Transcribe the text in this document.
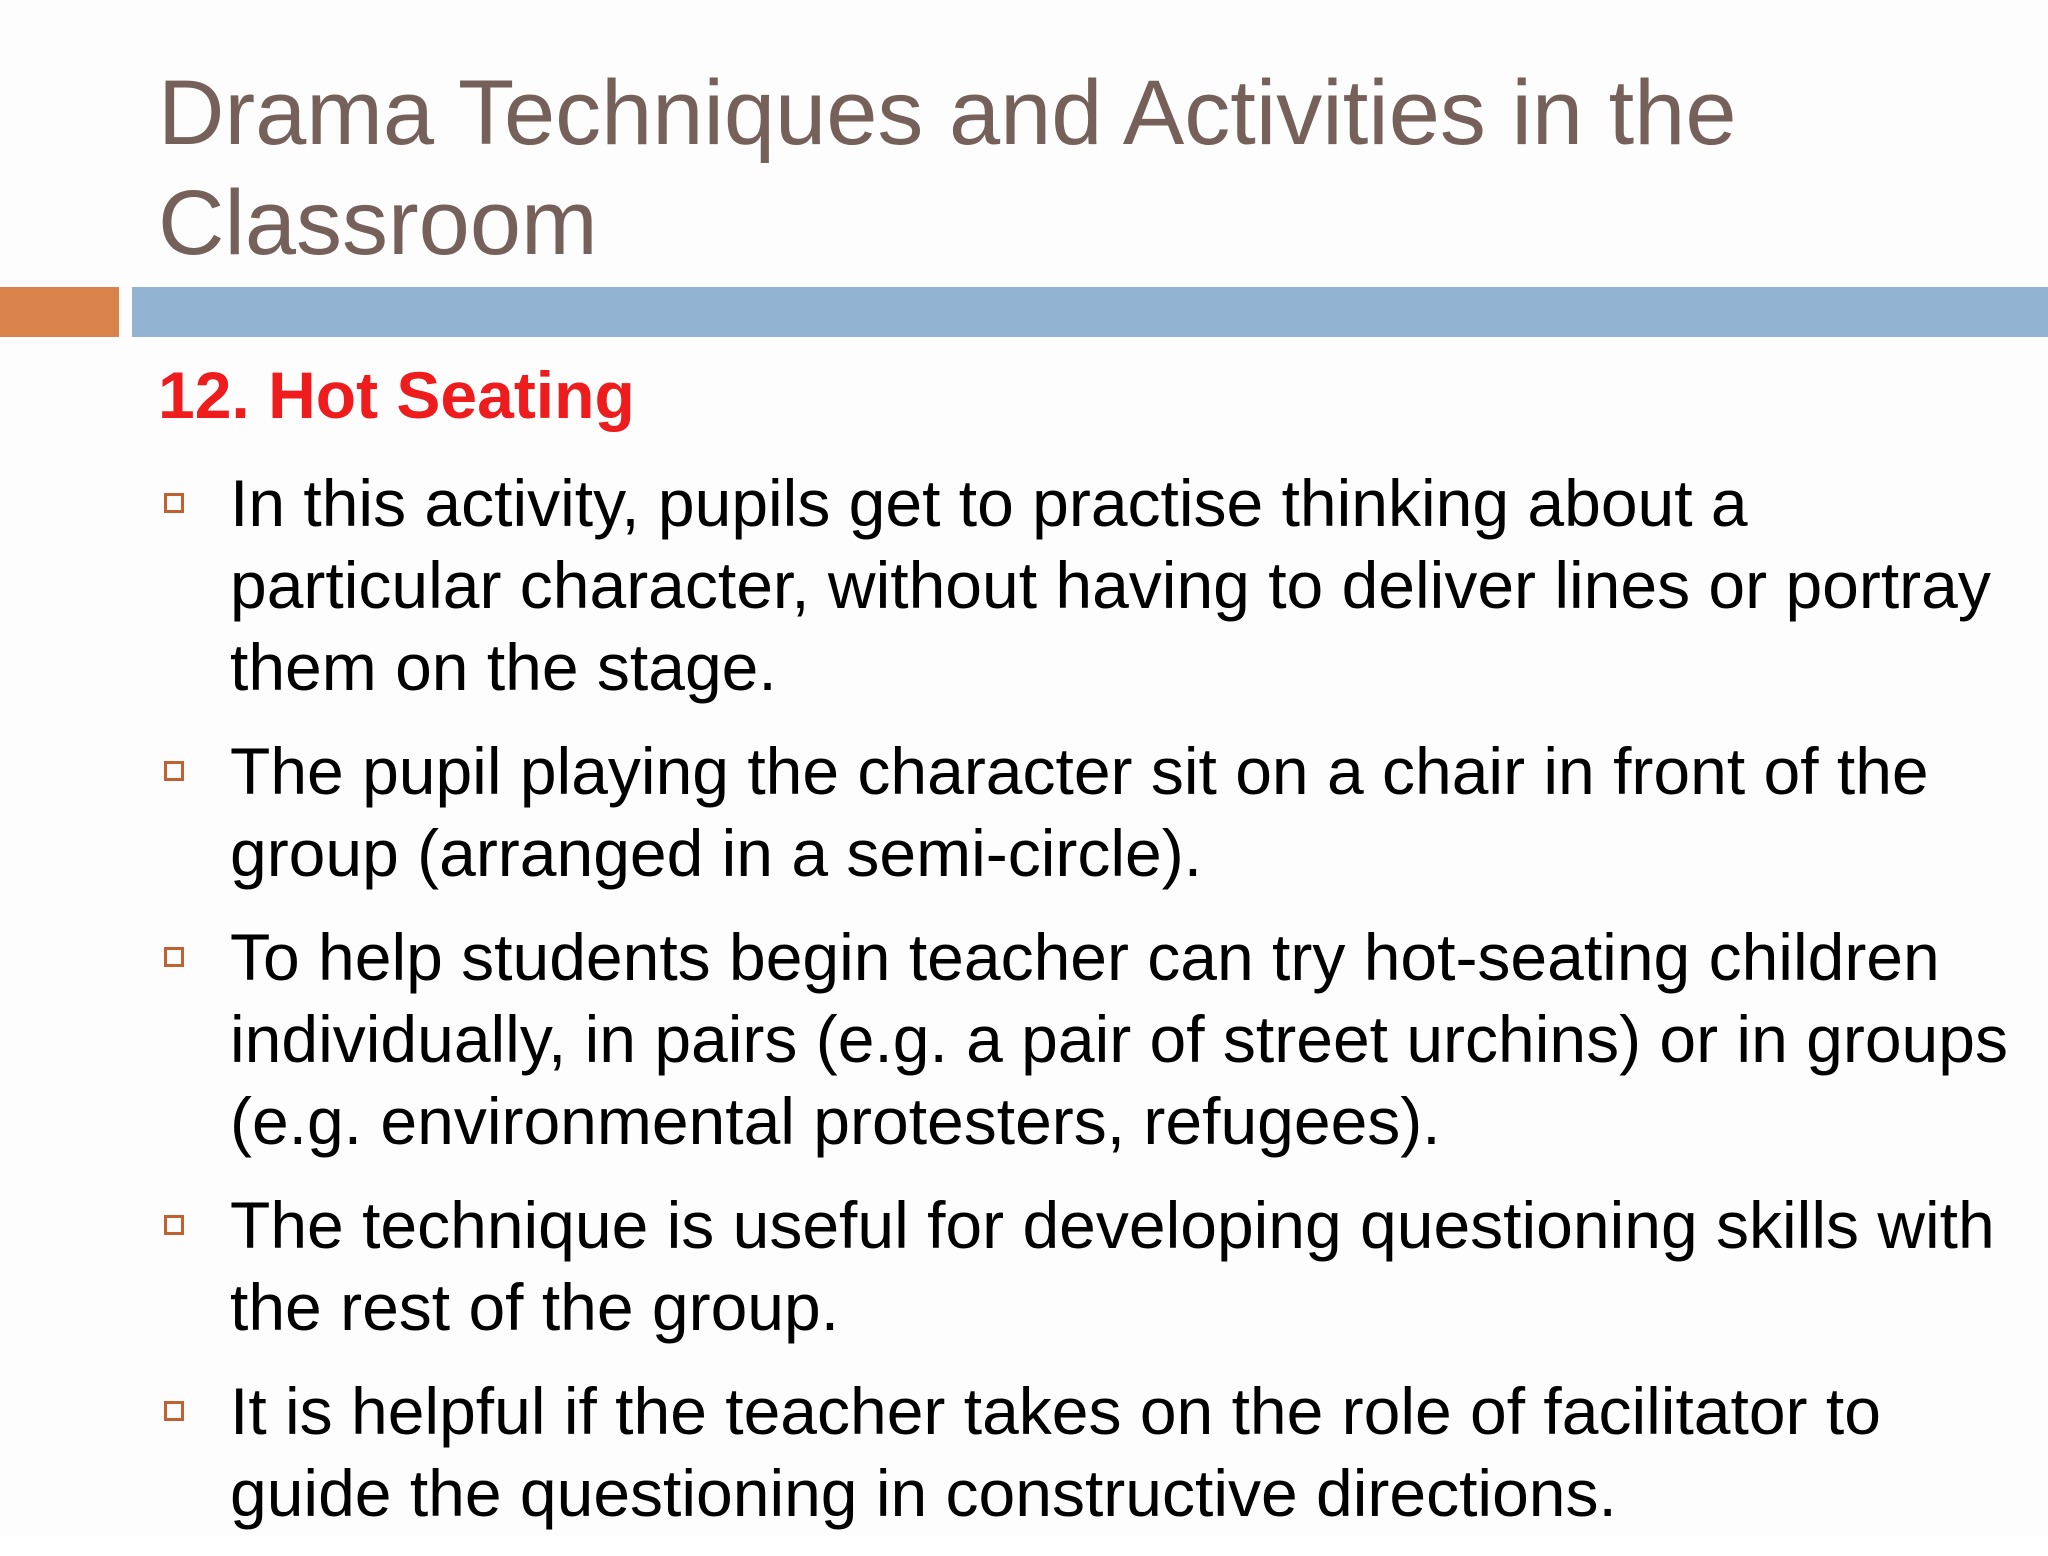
Drama Techniques and Activities in the Classroom
12. Hot Seating
In this activity, pupils get to practise thinking about a particular character, without having to deliver lines or portray them on the stage.
The pupil playing the character sit on a chair in front of the group (arranged in a semi-circle).
To help students begin teacher can try hot-seating children individually, in pairs (e.g. a pair of street urchins) or in groups (e.g. environmental protesters, refugees).
The technique is useful for developing questioning skills with the rest of the group.
It is helpful if the teacher takes on the role of facilitator to guide the questioning in constructive directions.
